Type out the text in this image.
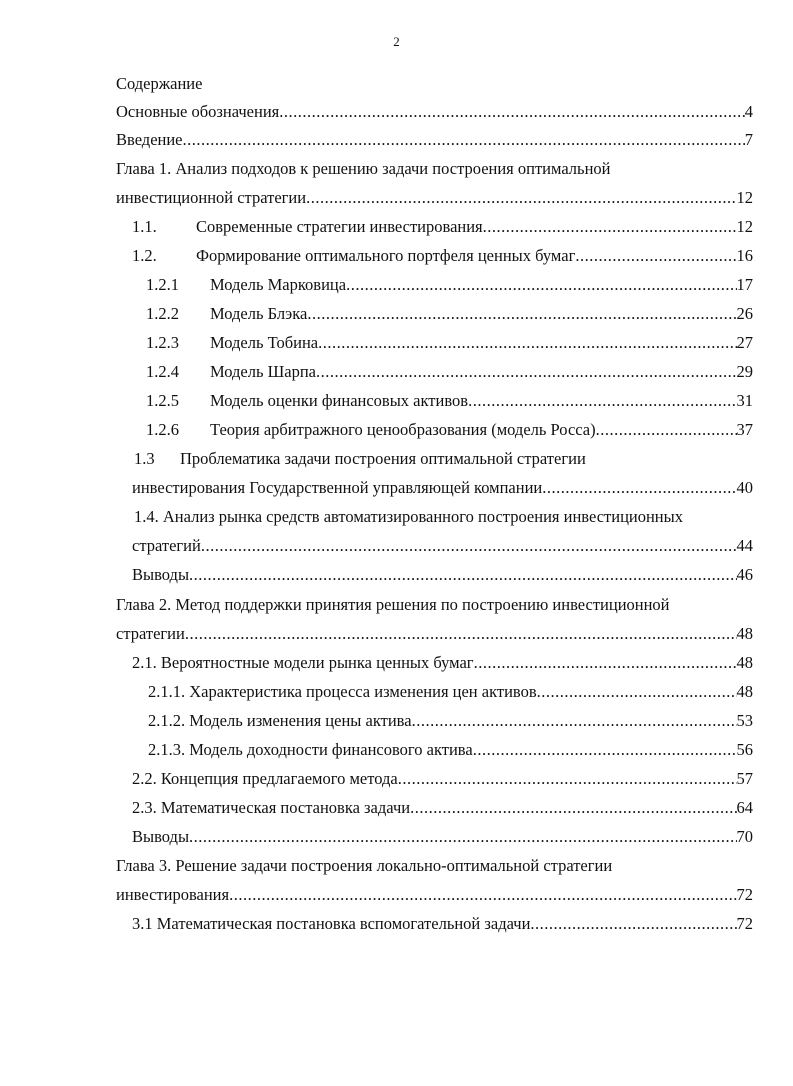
2
Содержание
Основные обозначения .....	4
Введение .....	7
Глава 1. Анализ подходов к решению задачи построения оптимальной
инвестиционной стратегии .....	12
1.1.	Современные стратегии инвестирования .....	12
1.2.	Формирование оптимального портфеля ценных бумаг .....	16
1.2.1	Модель Марковица .....	17
1.2.2	Модель Блэка .....	26
1.2.3	Модель Тобина .....	27
1.2.4	Модель Шарпа .....	29
1.2.5	Модель оценки финансовых активов .....	31
1.2.6	Теория арбитражного ценообразования (модель Росса) .....	37
1.3	Проблематика задачи построения оптимальной стратегии
инвестирования Государственной управляющей компании .....	40
1.4. Анализ рынка средств автоматизированного построения инвестиционных
стратегий .....	44
Выводы .....	46
Глава 2. Метод поддержки принятия решения по построению инвестиционной
стратегии .....	48
2.1. Вероятностные модели рынка ценных бумаг .....	48
2.1.1. Характеристика процесса изменения цен активов .....	48
2.1.2. Модель изменения цены актива .....	53
2.1.3. Модель доходности финансового актива .....	56
2.2. Концепция предлагаемого метода .....	57
2.3. Математическая постановка задачи .....	64
Выводы .....	70
Глава 3. Решение задачи построения локально-оптимальной стратегии
инвестирования .....	72
3.1 Математическая постановка вспомогательной задачи .....	72
